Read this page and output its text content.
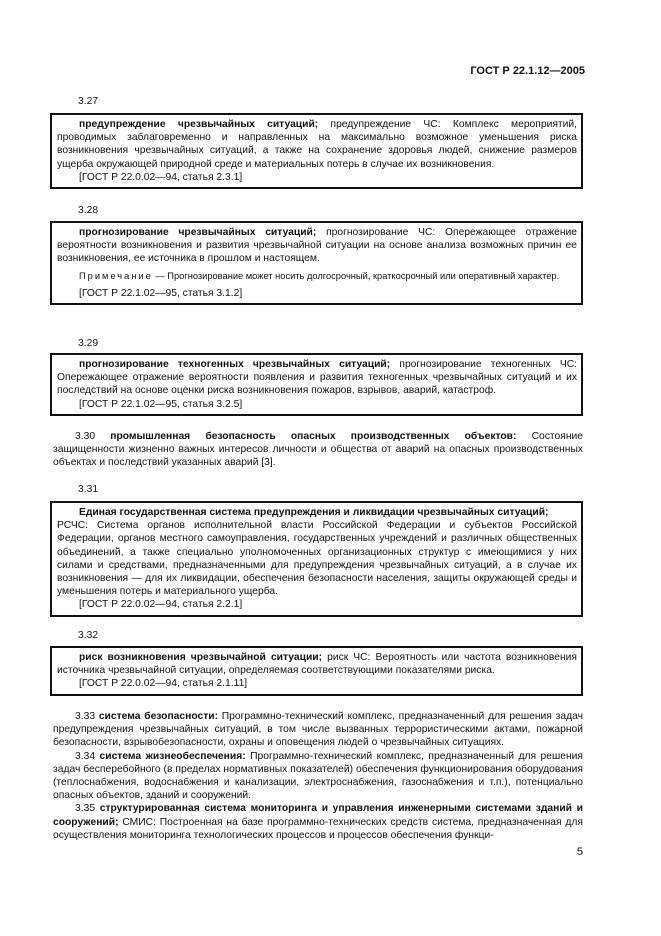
ГОСТ Р 22.1.12—2005
3.27

предупреждение чрезвычайных ситуаций; предупреждение ЧС: Комплекс мероприятий, проводимых заблаговременно и направленных на максимально возможное уменьшения риска возникновения чрезвычайных ситуаций, а также на сохранение здоровья людей, снижение размеров ущерба окружающей природной среде и материальных потерь в случае их возникновения.

[ГОСТ Р 22.0.02—94, статья 2.3.1]

3.28

прогнозирование чрезвычайных ситуаций; прогнозирование ЧС: Опережающее отражение вероятности возникновения и развития чрезвычайной ситуации на основе анализа возможных причин ее возникновения, ее источника в прошлом и настоящем.

Примечание — Прогнозирование может носить долгосрочный, краткосрочный или оперативный характер.

[ГОСТ Р 22.1.02—95, статья 3.1.2]

3.29

прогнозирование техногенных чрезвычайных ситуаций; прогнозирование техногенных ЧС: Опережающее отражение вероятности появления и развития техногенных чрезвычайных ситуаций и их последствий на основе оценки риска возникновения пожаров, взрывов, аварий, катастроф.

[ГОСТ Р 22.1.02—95, статья 3.2.5]

3.30 промышленная безопасность опасных производственных объектов: Состояние защищенности жизненно важных интересов личности и общества от аварий на опасных производственных объектах и последствий указанных аварий [3].

3.31

Единая государственная система предупреждения и ликвидации чрезвычайных ситуаций;
РСЧС: Система органов исполнительной власти Российской Федерации и субъектов Российской Федерации, органов местного самоуправления, государственных учреждений и различных общественных объединений, а также специально уполномоченных организационных структур с имеющимися у них силами и средствами, предназначенными для предупреждения чрезвычайных ситуаций, а в случае их возникновения — для их ликвидации, обеспечения безопасности населения, защиты окружающей среды и уменьшения потерь и материального ущерба.

[ГОСТ Р 22.0.02—94, статья 2.2.1]

3.32

риск возникновения чрезвычайной ситуации; риск ЧС: Вероятность или частота возникновения источника чрезвычайной ситуации, определяемая соответствующими показателями риска.

[ГОСТ Р 22.0.02—94, статья 2.1.11]

3.33 система безопасности: Программно-технический комплекс, предназначенный для решения задач предупреждения чрезвычайных ситуаций, в том числе вызванных террористическими актами, пожарной безопасности, взрывобезопасности, охраны и оповещения людей о чрезвычайных ситуациях.

3.34 система жизнеобеспечения: Программно-технический комплекс, предназначенный для решения задач бесперебойного (в пределах нормативных показателей) обеспечения функционирования оборудования (теплоснабжения, водоснабжения и канализации, электроснабжения, газоснабжения и т.п.), потенциально опасных объектов, зданий и сооружений.

3.35 структурированная система мониторинга и управления инженерными системами зданий и сооружений; СМИС: Построенная на базе программно-технических средств система, предназначенная для осуществления мониторинга технологических процессов и процессов обеспечения функци-

5
